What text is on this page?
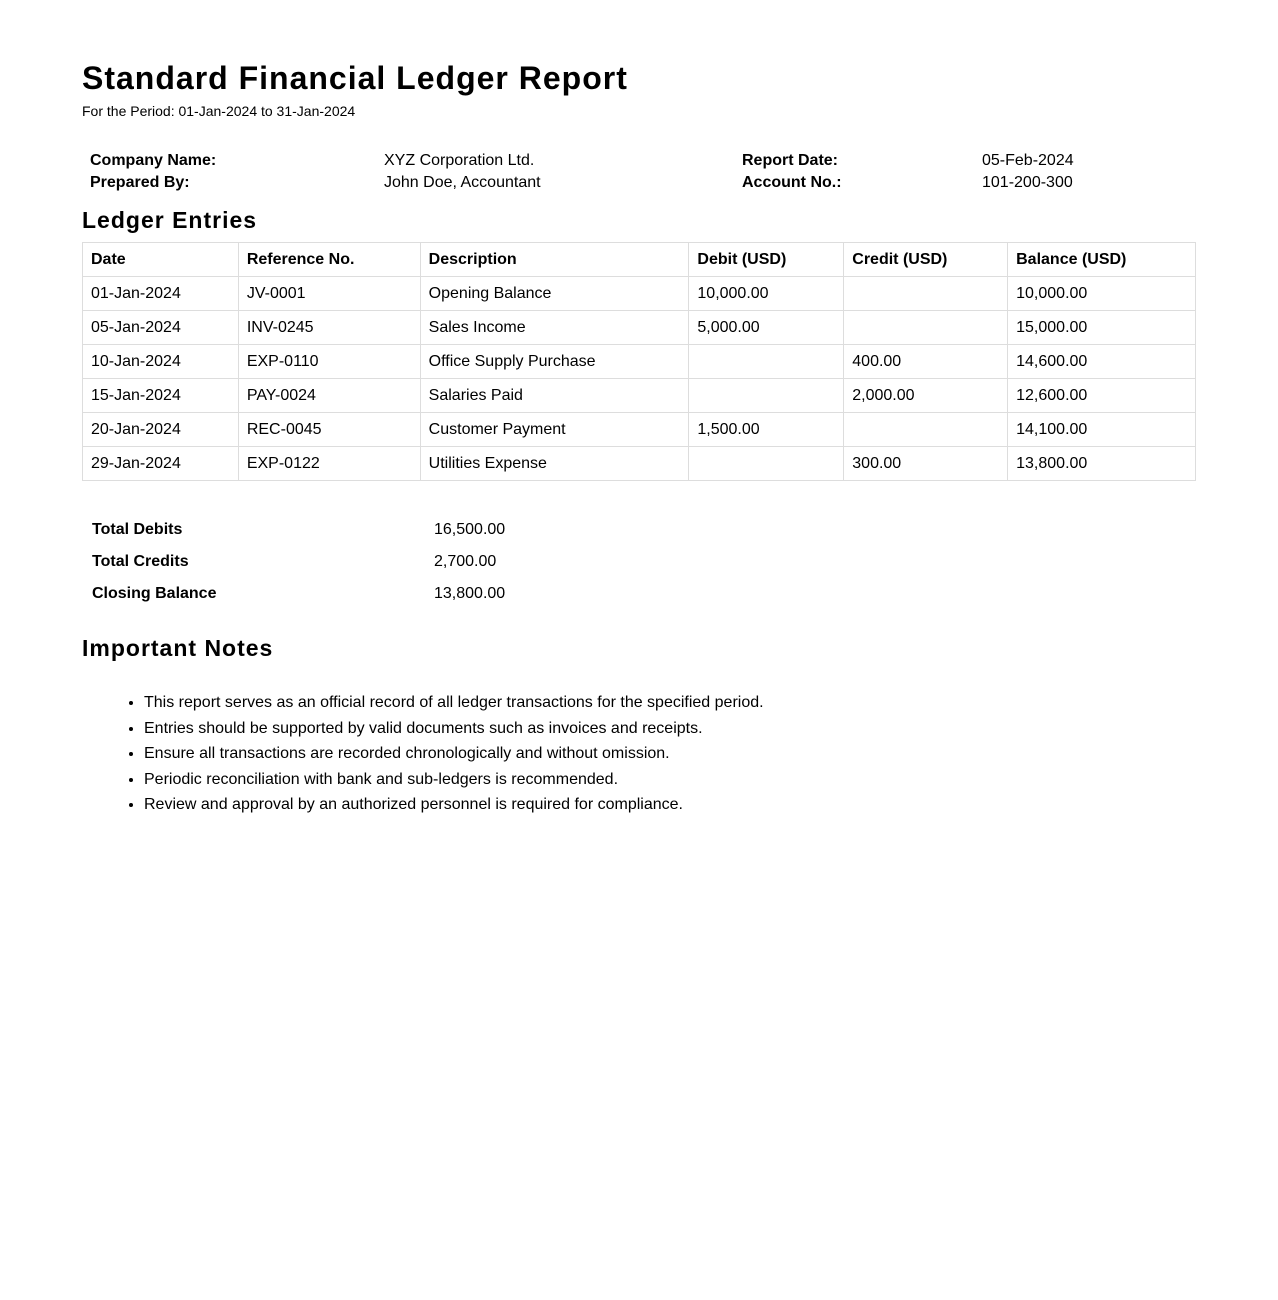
Standard Financial Ledger Report
For the Period: 01-Jan-2024 to 31-Jan-2024
Company Name:	XYZ Corporation Ltd.	Report Date:	05-Feb-2024
Prepared By:	John Doe, Accountant	Account No.:	101-200-300
Ledger Entries
Date	Reference No.	Description	Debit (USD)	Credit (USD)	Balance (USD)
01-Jan-2024	JV-0001	Opening Balance	10,000.00		10,000.00
05-Jan-2024	INV-0245	Sales Income	5,000.00		15,000.00
10-Jan-2024	EXP-0110	Office Supply Purchase		400.00	14,600.00
15-Jan-2024	PAY-0024	Salaries Paid		2,000.00	12,600.00
20-Jan-2024	REC-0045	Customer Payment	1,500.00		14,100.00
29-Jan-2024	EXP-0122	Utilities Expense		300.00	13,800.00
Total Debits	16,500.00
Total Credits	2,700.00
Closing Balance	13,800.00
Important Notes
• This report serves as an official record of all ledger transactions for the specified period.
• Entries should be supported by valid documents such as invoices and receipts.
• Ensure all transactions are recorded chronologically and without omission.
• Periodic reconciliation with bank and sub-ledgers is recommended.
• Review and approval by an authorized personnel is required for compliance.
